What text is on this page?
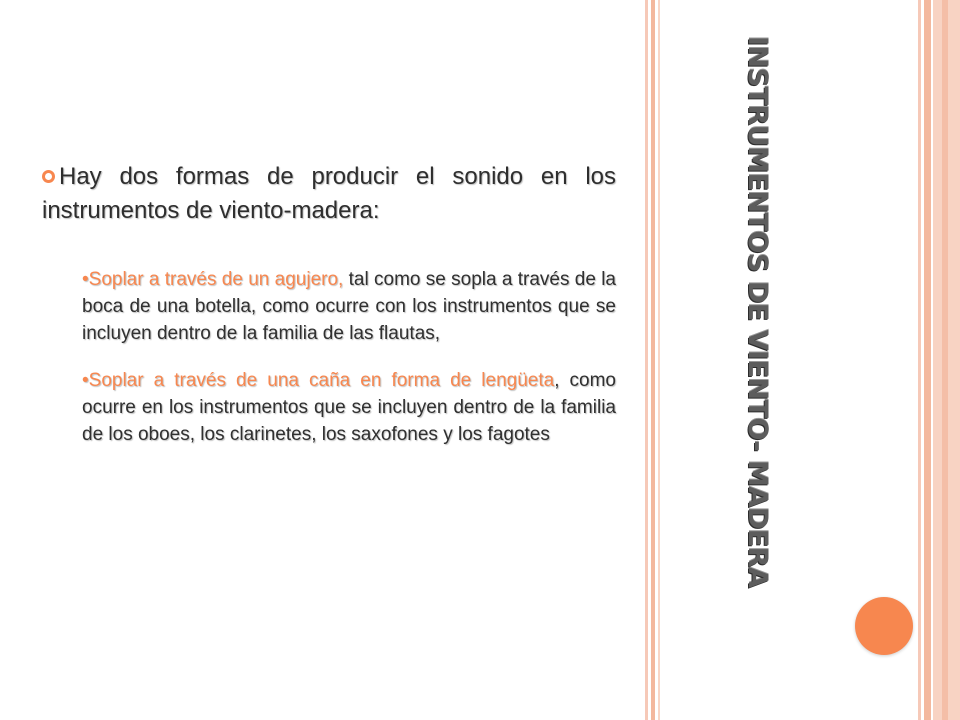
INSTRUMENTOS DE VIENTO- MADERA

Hay dos formas de producir el sonido en los instrumentos de viento-madera:

•Soplar a través de un agujero, tal como se sopla a través de la boca de una botella, como ocurre con los instrumentos que se incluyen dentro de la familia de las flautas,

•Soplar a través de una caña en forma de lengüeta, como ocurre en los instrumentos que se incluyen dentro de la familia de los oboes, los clarinetes, los saxofones y los fagotes
